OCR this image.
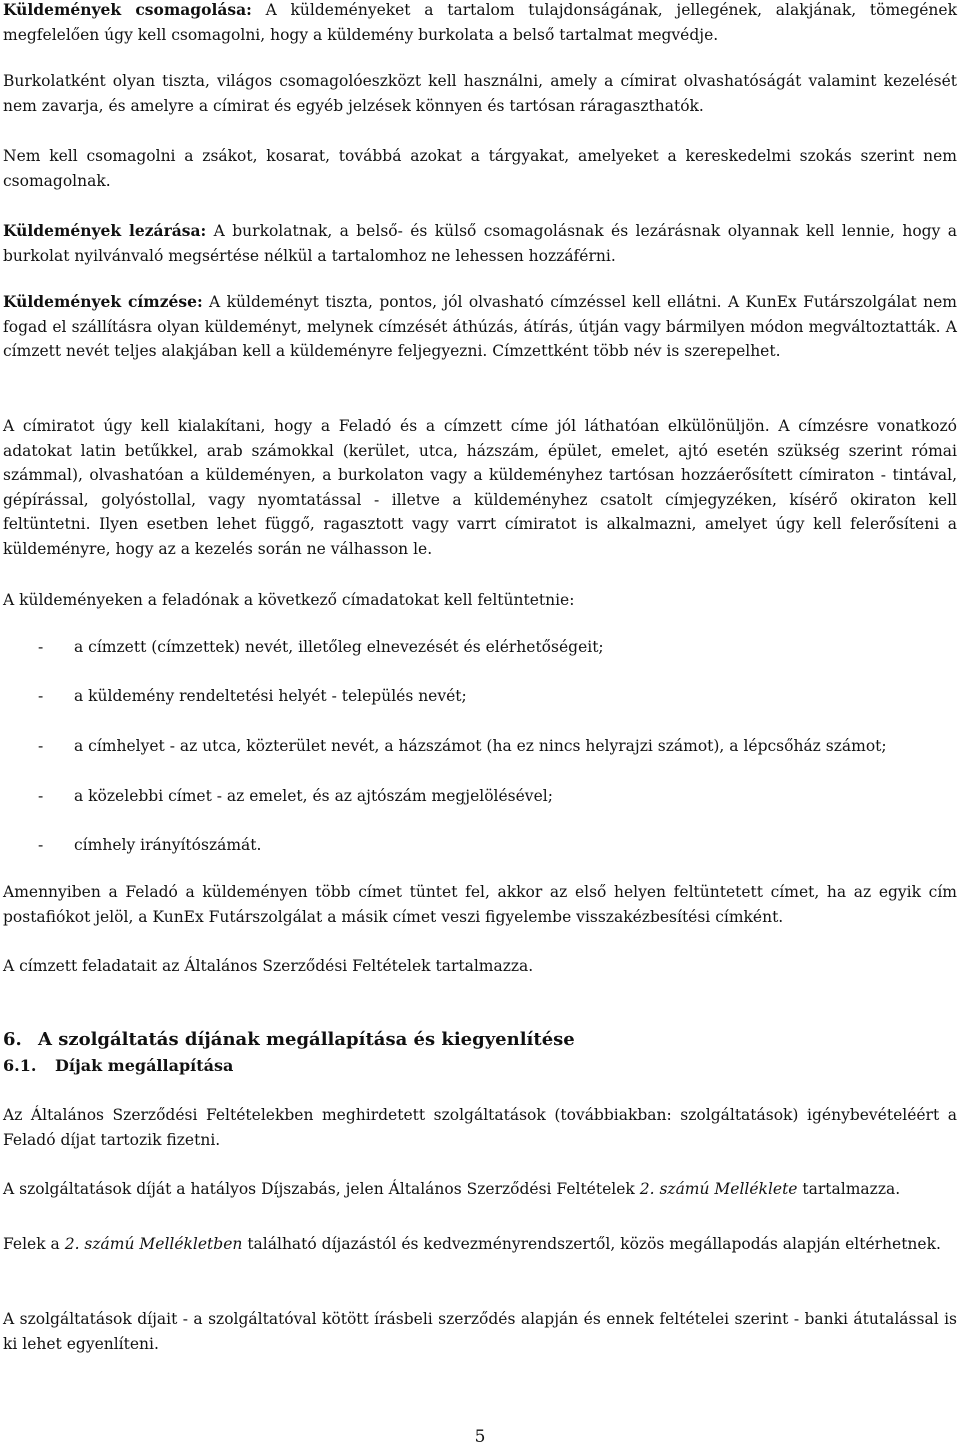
Küldemények csomagolása: A küldeményeket a tartalom tulajdonságának, jellegének, alakjának, tömegének megfelelően úgy kell csomagolni, hogy a küldemény burkolata a belső tartalmat megvédje.

Burkolatként olyan tiszta, világos csomagolóeszközt kell használni, amely a címirat olvashatóságát valamint kezelését nem zavarja, és amelyre a címirat és egyéb jelzések könnyen és tartósan ráragaszthatók.

Nem kell csomagolni a zsákot, kosarat, továbbá azokat a tárgyakat, amelyeket a kereskedelmi szokás szerint nem csomagolnak.

Küldemények lezárása: A burkolatnak, a belső- és külső csomagolásnak és lezárásnak olyannak kell lennie, hogy a burkolat nyilvánvaló megsértése nélkül a tartalomhoz ne lehessen hozzáférni.

Küldemények címzése: A küldeményt tiszta, pontos, jól olvasható címzéssel kell ellátni. A KunEx Futárszolgálat nem fogad el szállításra olyan küldeményt, melynek címzését áthúzás, átírás, útján vagy bármilyen módon megváltoztatták. A címzett nevét teljes alakjában kell a küldeményre feljegyezni. Címzettként több név is szerepelhet.

A címiratot úgy kell kialakítani, hogy a Feladó és a címzett címe jól láthatóan elkülönüljön. A címzésre vonatkozó adatokat latin betűkkel, arab számokkal (kerület, utca, házszám, épület, emelet, ajtó esetén szükség szerint római számmal), olvashatóan a küldeményen, a burkolaton vagy a küldeményhez tartósan hozzáerősített címiraton - tintával, gépírással, golyóstollal, vagy nyomtatással - illetve a küldeményhez csatolt címjegyzéken, kísérő okiraton kell feltüntetni. Ilyen esetben lehet függő, ragasztott vagy varrt címiratot is alkalmazni, amelyet úgy kell felerősíteni a küldeményre, hogy az a kezelés során ne válhasson le.

A küldeményeken a feladónak a következő címadatokat kell feltüntetnie:

- a címzett (címzettek) nevét, illetőleg elnevezését és elérhetőségeit;
- a küldemény rendeltetési helyét - település nevét;
- a címhelyet - az utca, közterület nevét, a házszámot (ha ez nincs helyrajzi számot), a lépcsőház számot;
- a közelebbi címet - az emelet, és az ajtószám megjelölésével;
- címhely irányítószámát.

Amennyiben a Feladó a küldeményen több címet tüntet fel, akkor az első helyen feltüntetett címet, ha az egyik cím postafiókot jelöl, a KunEx Futárszolgálat a másik címet veszi figyelembe visszakézbesítési címként.

A címzett feladatait az Általános Szerződési Feltételek tartalmazza.

6. A szolgáltatás díjának megállapítása és kiegyenlítése
6.1. Díjak megállapítása

Az Általános Szerződési Feltételekben meghirdetett szolgáltatások (továbbiakban: szolgáltatások) igénybevételéért a Feladó díjat tartozik fizetni.

A szolgáltatások díját a hatályos Díjszabás, jelen Általános Szerződési Feltételek 2. számú Melléklete tartalmazza.

Felek a 2. számú Mellékletben található díjazástól és kedvezményrendszertől, közös megállapodás alapján eltérhetnek.

A szolgáltatások díjait - a szolgáltatóval kötött írásbeli szerződés alapján és ennek feltételei szerint - banki átutalással is ki lehet egyenlíteni.

5
